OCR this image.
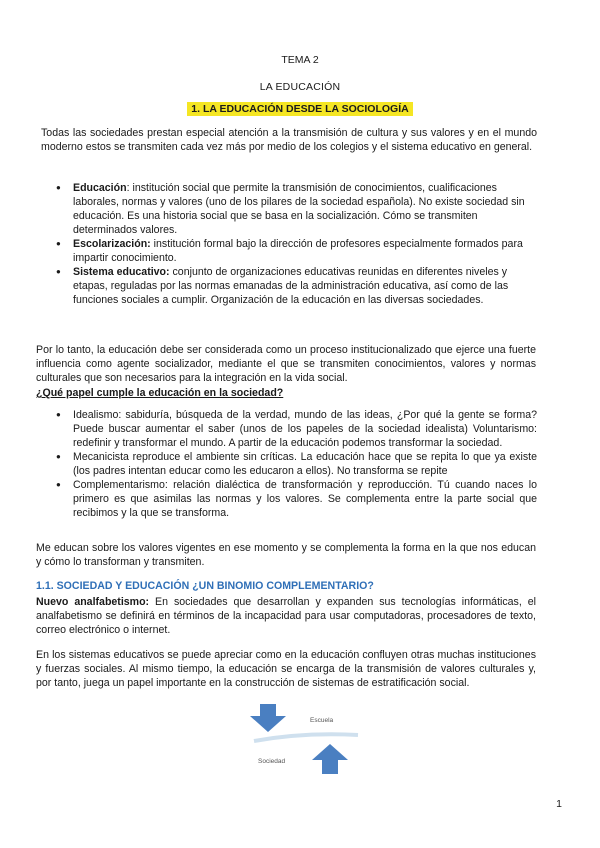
TEMA 2
LA EDUCACIÓN
1. LA EDUCACIÓN DESDE LA SOCIOLOGÍA
Todas las sociedades prestan especial atención a la transmisión de cultura y sus valores y en el mundo moderno estos se transmiten cada vez más por medio de los colegios y el sistema educativo en general.
● Educación: institución social que permite la transmisión de conocimientos, cualificaciones laborales, normas y valores (uno de los pilares de la sociedad española). No existe sociedad sin educación. Es una historia social que se basa en la socialización. Cómo se transmiten determinados valores.
● Escolarización: institución formal bajo la dirección de profesores especialmente formados para impartir conocimiento.
● Sistema educativo: conjunto de organizaciones educativas reunidas en diferentes niveles y etapas, reguladas por las normas emanadas de la administración educativa, así como de las funciones sociales a cumplir. Organización de la educación en las diversas sociedades.
Por lo tanto, la educación debe ser considerada como un proceso institucionalizado que ejerce una fuerte influencia como agente socializador, mediante el que se transmiten conocimientos, valores y normas culturales que son necesarios para la integración en la vida social.
¿Qué papel cumple la educación en la sociedad?
● Idealismo: sabiduría, búsqueda de la verdad, mundo de las ideas, ¿Por qué la gente se forma? Puede buscar aumentar el saber (unos de los papeles de la sociedad idealista) Voluntarismo: redefinir y transformar el mundo. A partir de la educación podemos transformar la sociedad.
● Mecanicista reproduce el ambiente sin críticas. La educación hace que se repita lo que ya existe (los padres intentan educar como les educaron a ellos). No transforma se repite
● Complementarismo: relación dialéctica de transformación y reproducción. Tú cuando naces lo primero es que asimilas las normas y los valores. Se complementa entre la parte social que recibimos y la que se transforma.
Me educan sobre los valores vigentes en ese momento y se complementa la forma en la que nos educan y cómo lo transforman y transmiten.
1.1. SOCIEDAD Y EDUCACIÓN ¿UN BINOMIO COMPLEMENTARIO?
Nuevo analfabetismo: En sociedades que desarrollan y expanden sus tecnologías informáticas, el analfabetismo se definirá en términos de la incapacidad para usar computadoras, procesadores de texto, correo electrónico o internet.
En los sistemas educativos se puede apreciar como en la educación confluyen otras muchas instituciones y fuerzas sociales. Al mismo tiempo, la educación se encarga de la transmisión de valores culturales y, por tanto, juega un papel importante en la construcción de sistemas de estratificación social.
Escuela
Sociedad
1
